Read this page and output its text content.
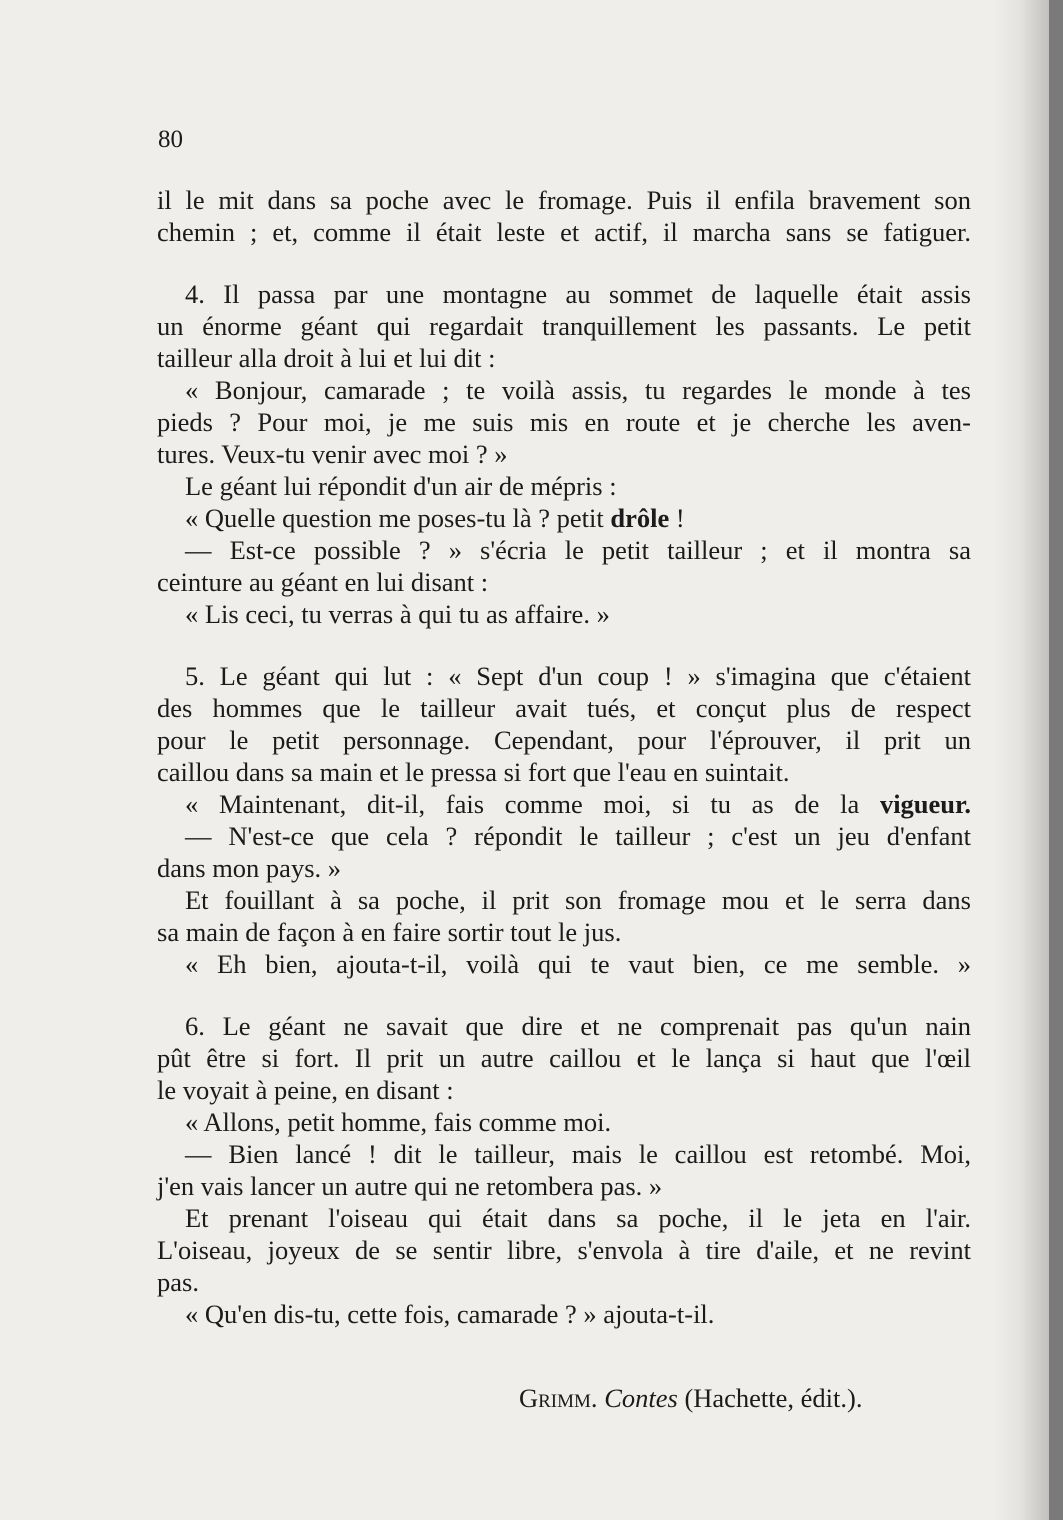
80
il le mit dans sa poche avec le fromage. Puis il enfila bravement son
chemin ; et, comme il était leste et actif, il marcha sans se fatiguer.
4. Il passa par une montagne au sommet de laquelle était assis
un énorme géant qui regardait tranquillement les passants. Le petit
tailleur alla droit à lui et lui dit :
« Bonjour, camarade ; te voilà assis, tu regardes le monde à tes
pieds ? Pour moi, je me suis mis en route et je cherche les aven-
tures. Veux-tu venir avec moi ? »
Le géant lui répondit d'un air de mépris :
« Quelle question me poses-tu là ? petit drôle !
— Est-ce possible ? » s'écria le petit tailleur ; et il montra sa
ceinture au géant en lui disant :
« Lis ceci, tu verras à qui tu as affaire. »
5. Le géant qui lut : « Sept d'un coup ! » s'imagina que c'étaient
des hommes que le tailleur avait tués, et conçut plus de respect
pour le petit personnage. Cependant, pour l'éprouver, il prit un
caillou dans sa main et le pressa si fort que l'eau en suintait.
« Maintenant, dit-il, fais comme moi, si tu as de la vigueur.
— N'est-ce que cela ? répondit le tailleur ; c'est un jeu d'enfant
dans mon pays. »
Et fouillant à sa poche, il prit son fromage mou et le serra dans
sa main de façon à en faire sortir tout le jus.
« Eh bien, ajouta-t-il, voilà qui te vaut bien, ce me semble. »
6. Le géant ne savait que dire et ne comprenait pas qu'un nain
pût être si fort. Il prit un autre caillou et le lança si haut que l'œil
le voyait à peine, en disant :
« Allons, petit homme, fais comme moi.
— Bien lancé ! dit le tailleur, mais le caillou est retombé. Moi,
j'en vais lancer un autre qui ne retombera pas. »
Et prenant l'oiseau qui était dans sa poche, il le jeta en l'air.
L'oiseau, joyeux de se sentir libre, s'envola à tire d'aile, et ne revint
pas.
« Qu'en dis-tu, cette fois, camarade ? » ajouta-t-il.
Grimm. Contes (Hachette, édit.).
